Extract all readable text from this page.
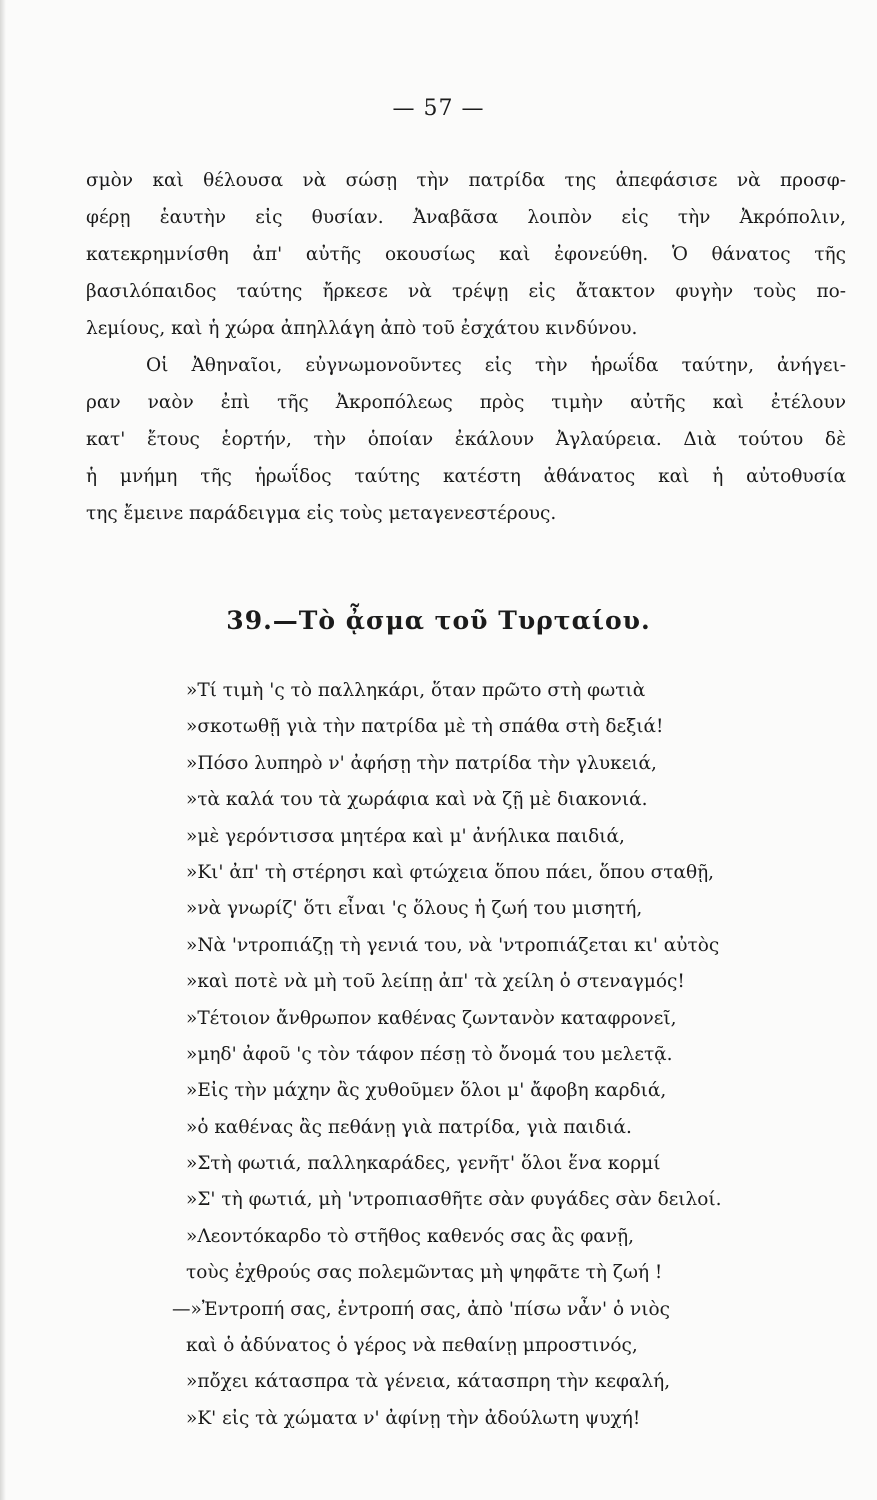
— 57 —
σμὸν καὶ θέλουσα νὰ σώσῃ τὴν πατρίδα της ἀπεφάσισε νὰ προσφ-
φέρῃ ἑαυτὴν εἰς θυσίαν. Ἀναβᾶσα λοιπὸν εἰς τὴν Ἀκρόπολιν,
κατεκρημνίσθη ἀπ' αὐτῆς οκουσίως καὶ ἐφονεύθη. Ὁ θάνατος τῆς
βασιλόπαιδος ταύτης ἤρκεσε νὰ τρέψῃ εἰς ἄτακτον φυγὴν τοὺς πο-
λεμίους, καὶ ἡ χώρα ἀπηλλάγη ἀπὸ τοῦ ἐσχάτου κινδύνου.
Οἱ Ἀθηναῖοι, εὐγνωμονοῦντες εἰς τὴν ἡρωΐδα ταύτην, ἀνήγει-
ραν ναὸν ἐπὶ τῆς Ἀκροπόλεως πρὸς τιμὴν αὐτῆς καὶ ἐτέλουν
κατ' ἔτους ἑορτήν, τὴν ὁποίαν ἐκάλουν Ἀγλαύρεια. Διὰ τούτου δὲ
ἡ μνήμη τῆς ἡρωΐδος ταύτης κατέστη ἀθάνατος καὶ ἡ αὐτοθυσία
της ἔμεινε παράδειγμα εἰς τοὺς μεταγενεστέρους.
39.—Τὸ ᾆσμα τοῦ Τυρταίου.
»Τί τιμὴ 'ς τὸ παλληκάρι, ὅταν πρῶτο στὴ φωτιὰ
»σκοτωθῇ γιὰ τὴν πατρίδα μὲ τὴ σπάθα στὴ δεξιά!
»Πόσο λυπηρὸ ν' ἀφήσῃ τὴν πατρίδα τὴν γλυκειά,
»τὰ καλά του τὰ χωράφια καὶ νὰ ζῇ μὲ διακονιά.
»μὲ γερόντισσα μητέρα καὶ μ' ἀνήλικα παιδιά,
»Κι' ἀπ' τὴ στέρησι καὶ φτώχεια ὅπου πάει, ὅπου σταθῇ,
»νὰ γνωρίζ' ὅτι εἶναι 'ς ὅλους ἡ ζωή του μισητή,
»Νὰ 'ντροπιάζῃ τὴ γενιά του, νὰ 'ντροπιάζεται κι' αὐτὸς
»καὶ ποτὲ νὰ μὴ τοῦ λείπῃ ἀπ' τὰ χείλη ὁ στεναγμός!
»Τέτοιον ἄνθρωπον καθένας ζωντανὸν καταφρονεῖ,
»μηδ' ἀφοῦ 'ς τὸν τάφον πέσῃ τὸ ὄνομά του μελετᾷ.
»Εἰς τὴν μάχην ἂς χυθοῦμεν ὅλοι μ' ἄφοβη καρδιά,
»ὁ καθένας ἂς πεθάνῃ γιὰ πατρίδα, γιὰ παιδιά.
»Στὴ φωτιά, παλληκαράδες, γενῆτ' ὅλοι ἕνα κορμί
»Σ' τὴ φωτιά, μὴ 'ντροπιασθῆτε σὰν φυγάδες σὰν δειλοί.
»Λεοντόκαρδο τὸ στῆθος καθενός σας ἂς φανῇ,
τοὺς ἐχθρούς σας πολεμῶντας μὴ ψηφᾶτε τὴ ζωή !
—»Ἐντροπή σας, ἐντροπή σας, ἀπὸ 'πίσω νἆν' ὁ νιὸς
καὶ ὁ ἀδύνατος ὁ γέρος νὰ πεθαίνῃ μπροστινός,
»πὄχει κάτασπρα τὰ γένεια, κάτασπρη τὴν κεφαλή,
»Κ' εἰς τὰ χώματα ν' ἀφίνῃ τὴν ἀδούλωτη ψυχή!
